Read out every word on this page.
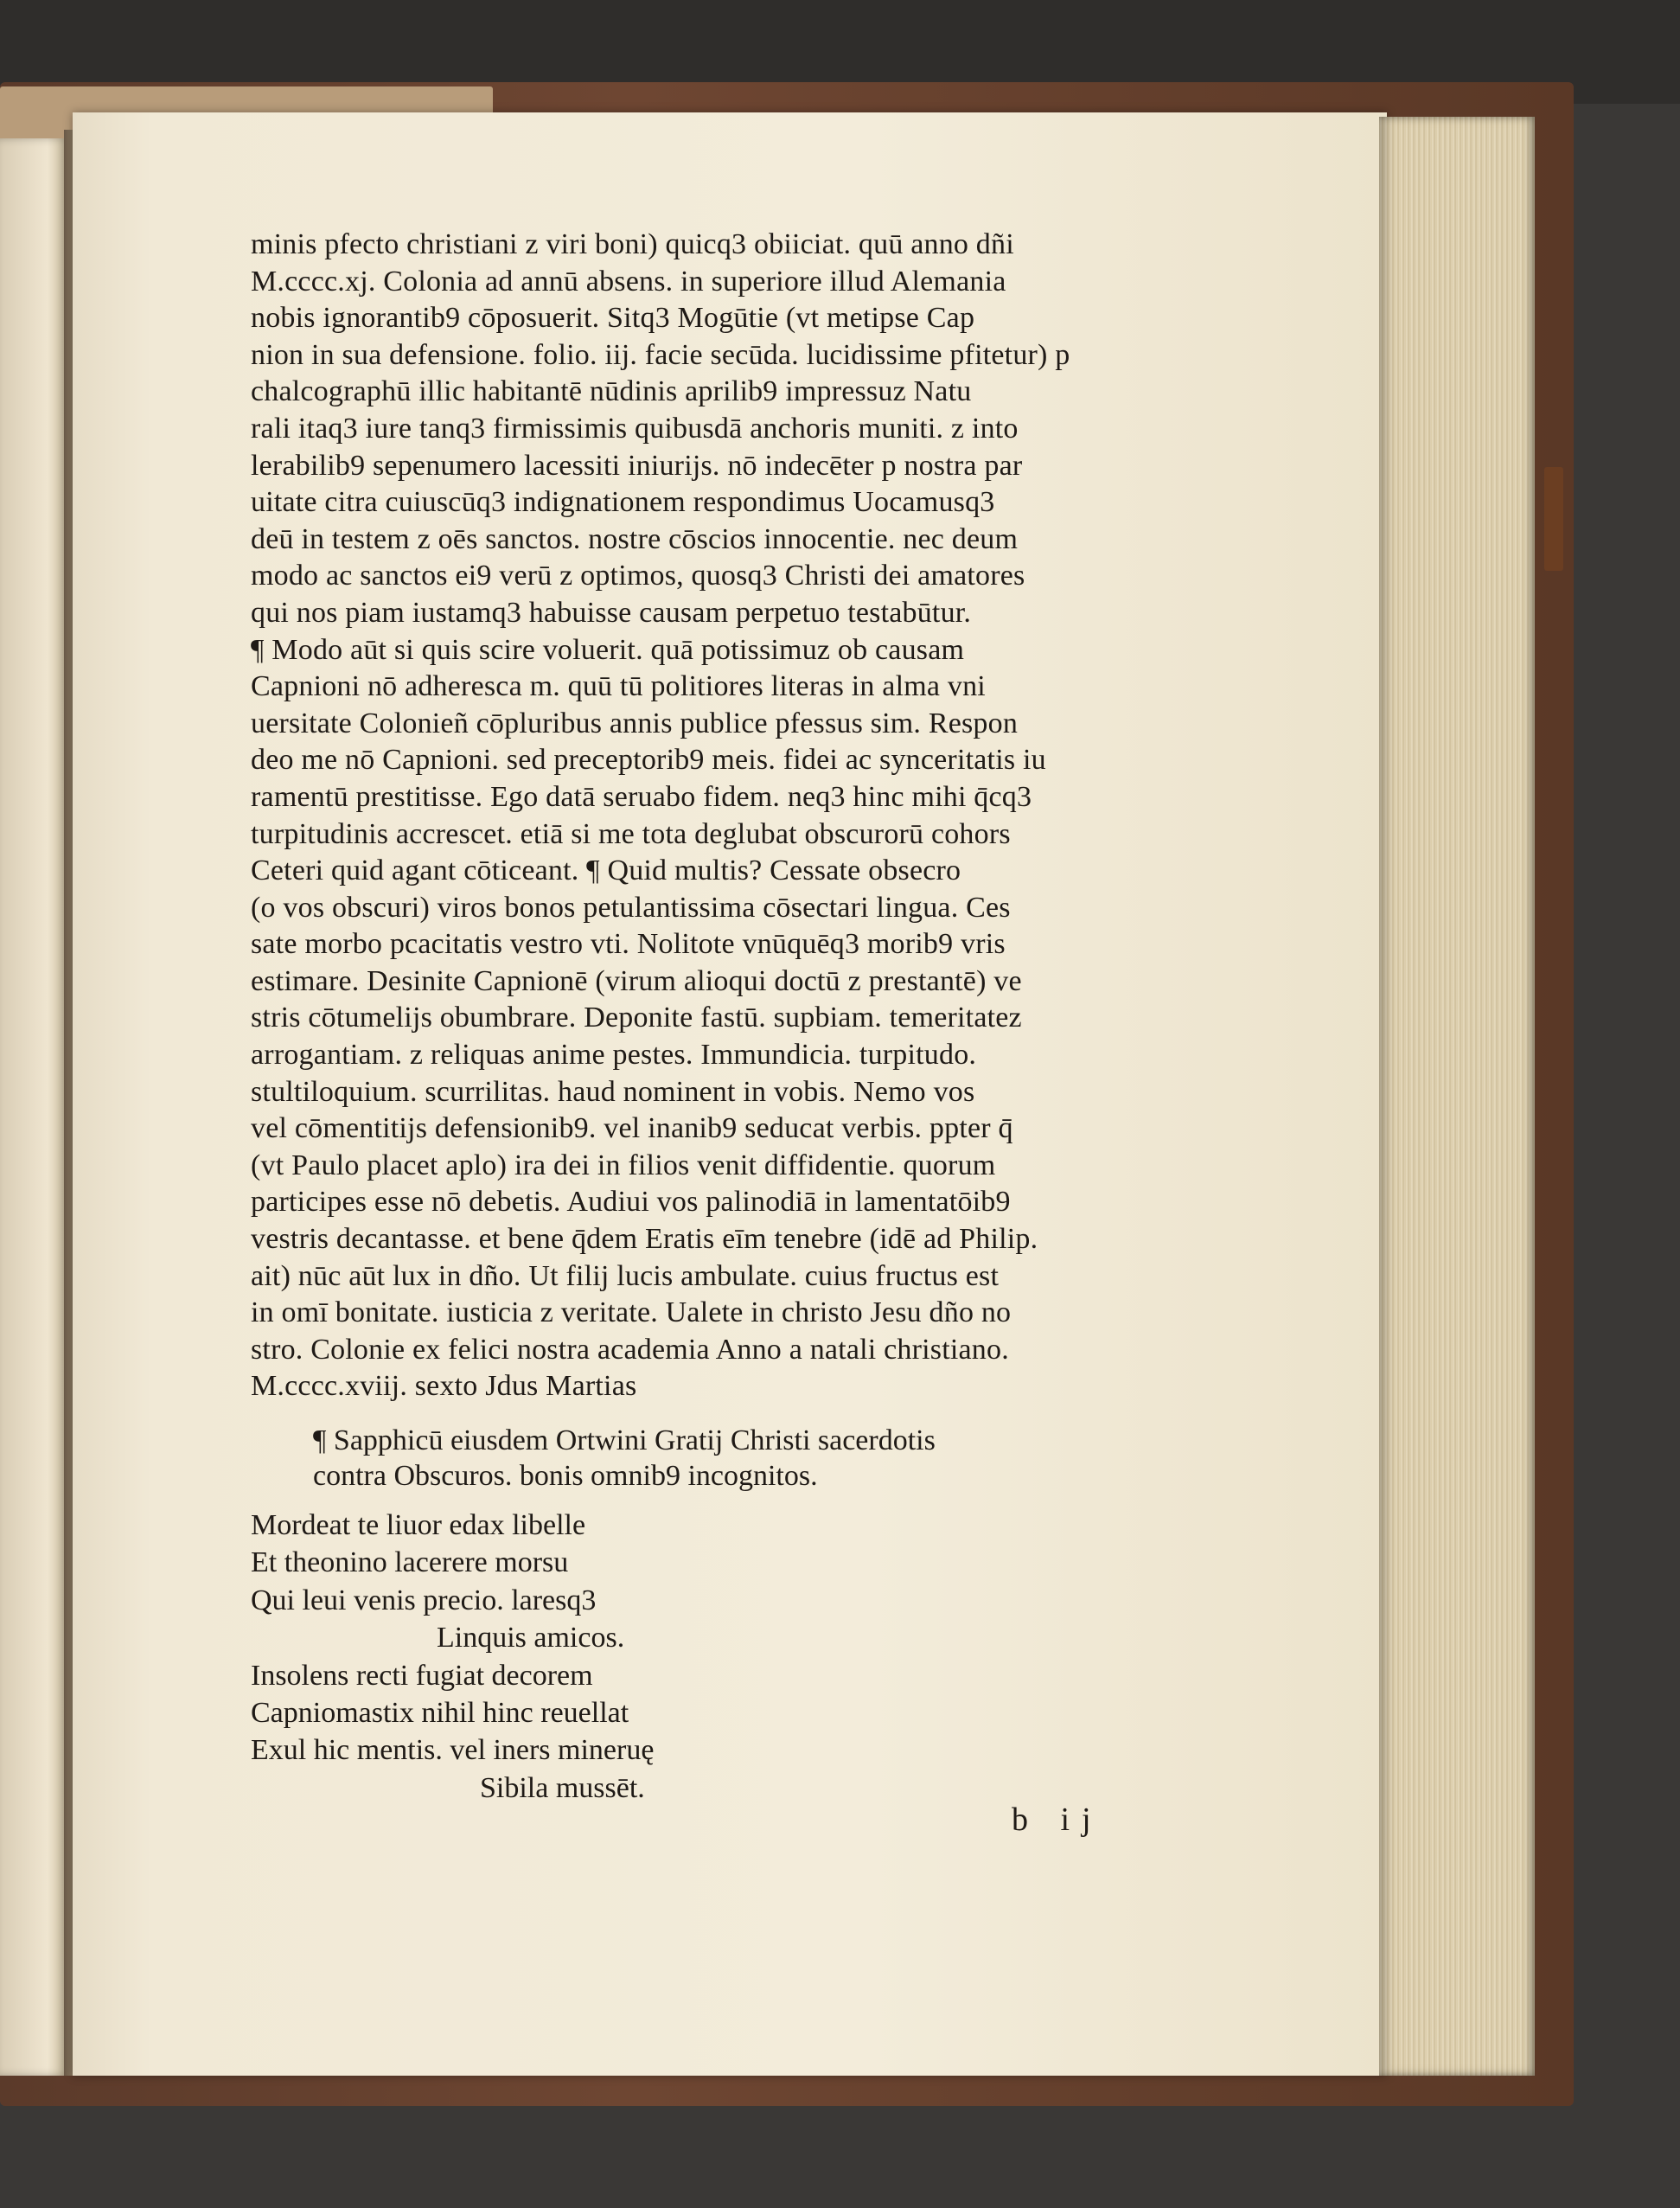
minis pfecto christiani z viri boni) quicq3 obiiciat. quū anno dñi
M.cccc.xj. Colonia ad annū absens. in superiore illud Alemania
nobis ignorantib9 cōposuerit. Sitq3 Mogūtie (vt metipse Cap
nion in sua defensione. folio. iij. facie secūda. lucidissime pfitetur) p
chalcographū illic habitantē nūdinis aprilib9 impressuz Natu
rali itaq3 iure tanq3 firmissimis quibusdā anchoris muniti. z into
lerabilib9 sepenumero lacessiti iniurijs. nō indecēter p nostra par
uitate citra cuiuscūq3 indignationem respondimus Uocamusq3
deū in testem z oēs sanctos. nostre cōscios innocentie. nec deum
modo ac sanctos ei9 verū z optimos, quosq3 Christi dei amatores
qui nos piam iustamq3 habuisse causam perpetuo testabūtur.
¶ Modo aūt si quis scire voluerit. quā potissimuz ob causam
Capnioni nō adheresca m. quū tū politiores literas in alma vni
uersitate Colonieñ cōpluribus annis publice pfessus sim. Respon
deo me nō Capnioni. sed preceptorib9 meis. fidei ac synceritatis iu
ramentū prestitisse. Ego datā seruabo fidem. neq3 hinc mihi q̄cq3
turpitudinis accrescet. etiā si me tota deglubat obscurorū cohors
Ceteri quid agant cōticeant. ¶ Quid multis? Cessate obsecro
(o vos obscuri) viros bonos petulantissima cōsectari lingua. Ces
sate morbo pcacitatis vestro vti. Nolitote vnūquēq3 morib9 vris
estimare. Desinite Capnionē (virum alioqui doctū z prestantē) ve
stris cōtumelijs obumbrare. Deponite fastū. supbiam. temeritatez
arrogantiam. z reliquas anime pestes. Immundicia. turpitudo.
stultiloquium. scurrilitas. haud nominent in vobis. Nemo vos
vel cōmentitijs defensionib9. vel inanib9 seducat verbis. ppter q̄
(vt Paulo placet aplo) ira dei in filios venit diffidentie. quorum
participes esse nō debetis. Audiui vos palinodiā in lamentatōib9
vestris decantasse. et bene q̄dem Eratis eīm tenebre (idē ad Philip.
ait) nūc aūt lux in dño. Ut filij lucis ambulate. cuius fructus est
in omī bonitate. iusticia z veritate. Ualete in christo Jesu dño no
stro. Colonie ex felici nostra academia Anno a natali christiano.
M.cccc.xviij. sexto Jdus Martias
¶ Sapphicū eiusdem Ortwini Gratij Christi sacerdotis
contra Obscuros. bonis omnib9 incognitos.
Mordeat te liuor edax libelle
Et theonino lacerere morsu
Qui leui venis precio. laresq3
Linquis amicos.
Insolens recti fugiat decorem
Capniomastix nihil hinc reuellat
Exul hic mentis. vel iners mineruę
Sibila mussēt.
b ij
